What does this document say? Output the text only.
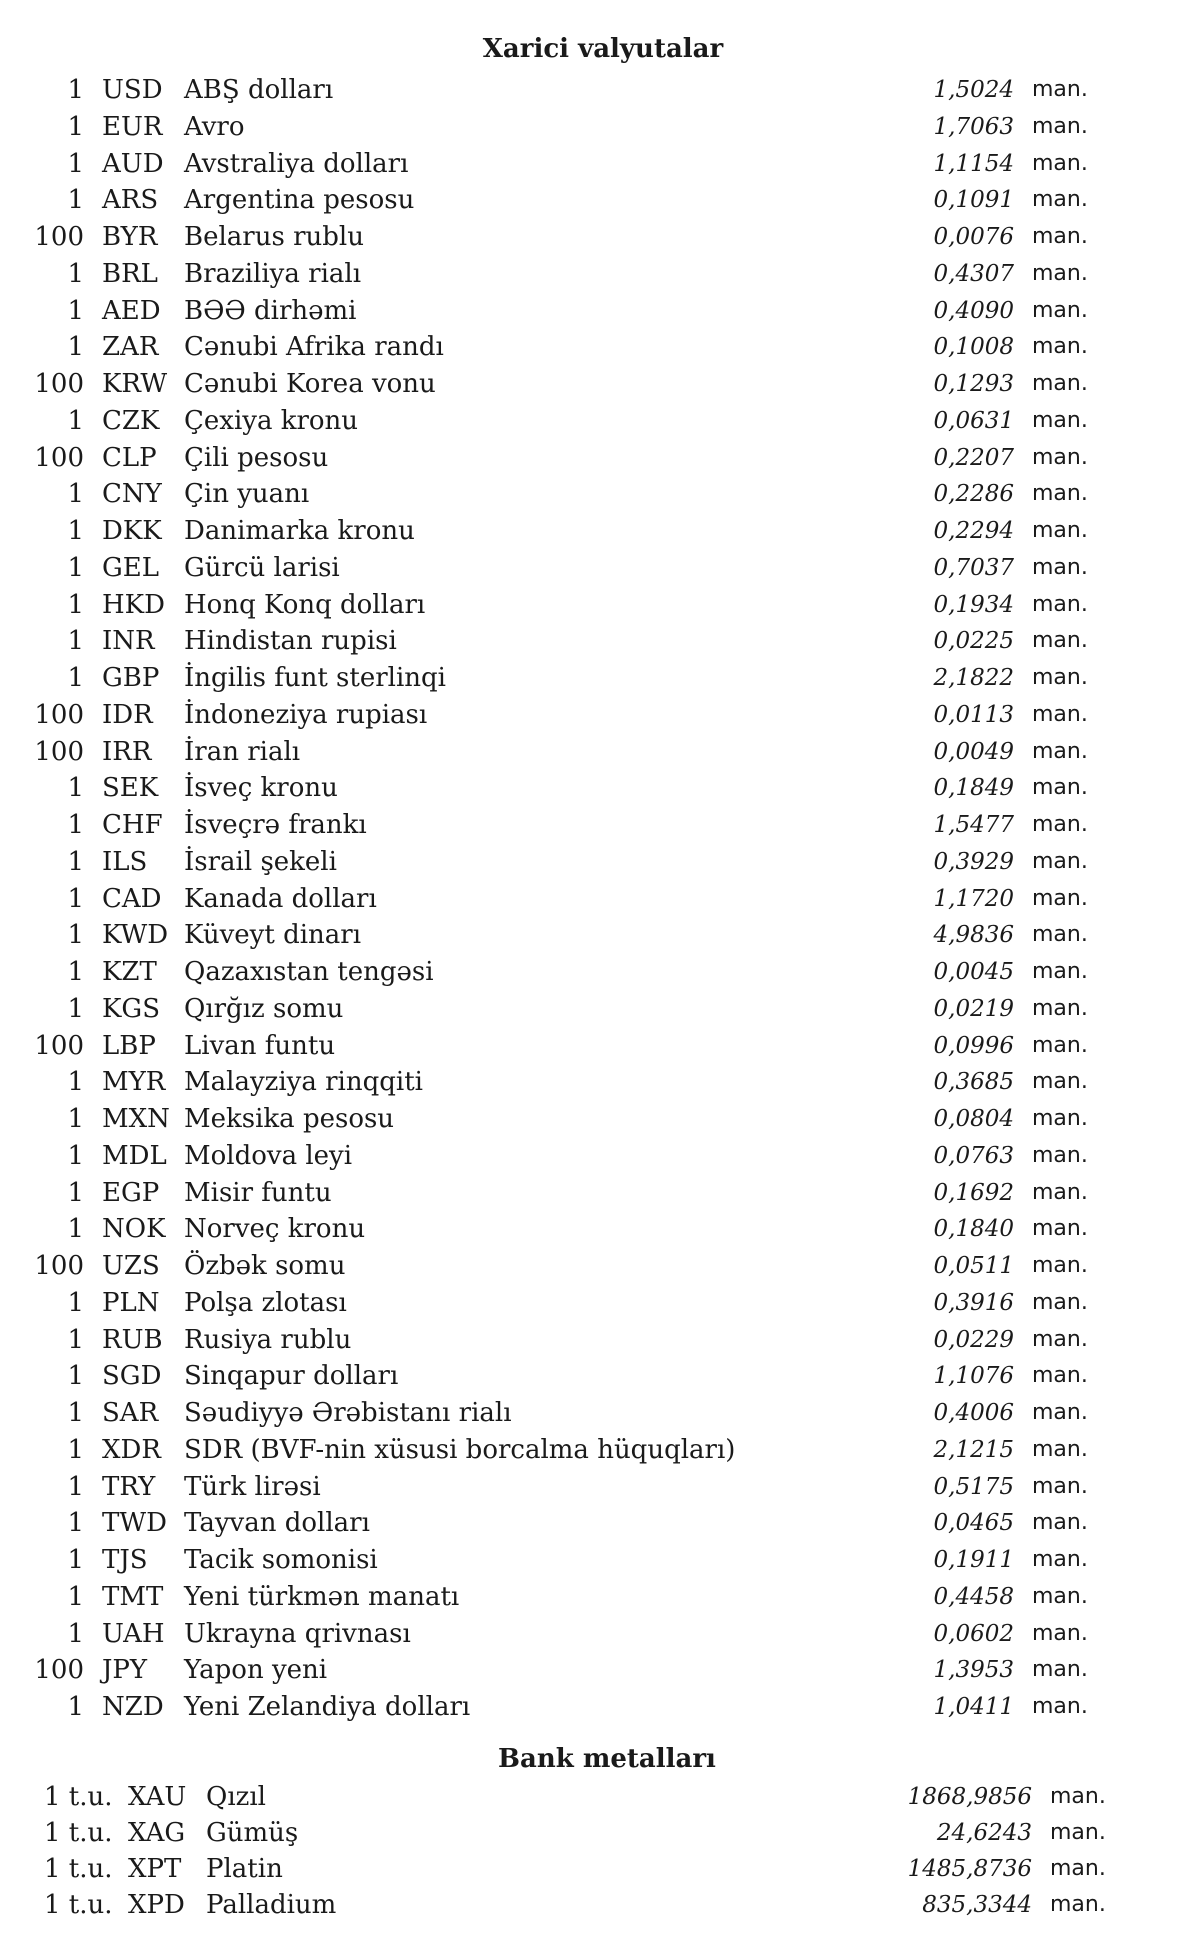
Xarici valyutalar
1 USD ABŞ dolları	1,5024 man.
1 EUR Avro	1,7063 man.
1 AUD Avstraliya dolları	1,1154 man.
1 ARS Argentina pesosu	0,1091 man.
100 BYR Belarus rublu	0,0076 man.
1 BRL Braziliya rialı	0,4307 man.
1 AED BƏƏ dirhəmi	0,4090 man.
1 ZAR Cənubi Afrika randı	0,1008 man.
100 KRW Cənubi Korea vonu	0,1293 man.
1 CZK Çexiya kronu	0,0631 man.
100 CLP Çili pesosu	0,2207 man.
1 CNY Çin yuanı	0,2286 man.
1 DKK Danimarka kronu	0,2294 man.
1 GEL Gürcü larisi	0,7037 man.
1 HKD Honq Konq dolları	0,1934 man.
1 INR Hindistan rupisi	0,0225 man.
1 GBP İngilis funt sterlinqi	2,1822 man.
100 IDR İndoneziya rupiası	0,0113 man.
100 IRR İran rialı	0,0049 man.
1 SEK İsveç kronu	0,1849 man.
1 CHF İsveçrə frankı	1,5477 man.
1 ILS İsrail şekeli	0,3929 man.
1 CAD Kanada dolları	1,1720 man.
1 KWD Küveyt dinarı	4,9836 man.
1 KZT Qazaxıstan tengəsi	0,0045 man.
1 KGS Qırğız somu	0,0219 man.
100 LBP Livan funtu	0,0996 man.
1 MYR Malayziya rinqqiti	0,3685 man.
1 MXN Meksika pesosu	0,0804 man.
1 MDL Moldova leyi	0,0763 man.
1 EGP Misir funtu	0,1692 man.
1 NOK Norveç kronu	0,1840 man.
100 UZS Özbək somu	0,0511 man.
1 PLN Polşa zlotası	0,3916 man.
1 RUB Rusiya rublu	0,0229 man.
1 SGD Sinqapur dolları	1,1076 man.
1 SAR Səudiyyə Ərəbistanı rialı	0,4006 man.
1 XDR SDR (BVF-nin xüsusi borcalma hüquqları)	2,1215 man.
1 TRY Türk lirəsi	0,5175 man.
1 TWD Tayvan dolları	0,0465 man.
1 TJS Tacik somonisi	0,1911 man.
1 TMT Yeni türkmən manatı	0,4458 man.
1 UAH Ukrayna qrivnası	0,0602 man.
100 JPY Yapon yeni	1,3953 man.
1 NZD Yeni Zelandiya dolları	1,0411 man.
Bank metalları
1 t.u. XAU Qızıl	1868,9856 man.
1 t.u. XAG Gümüş	24,6243 man.
1 t.u. XPT Platin	1485,8736 man.
1 t.u. XPD Palladium	835,3344 man.
